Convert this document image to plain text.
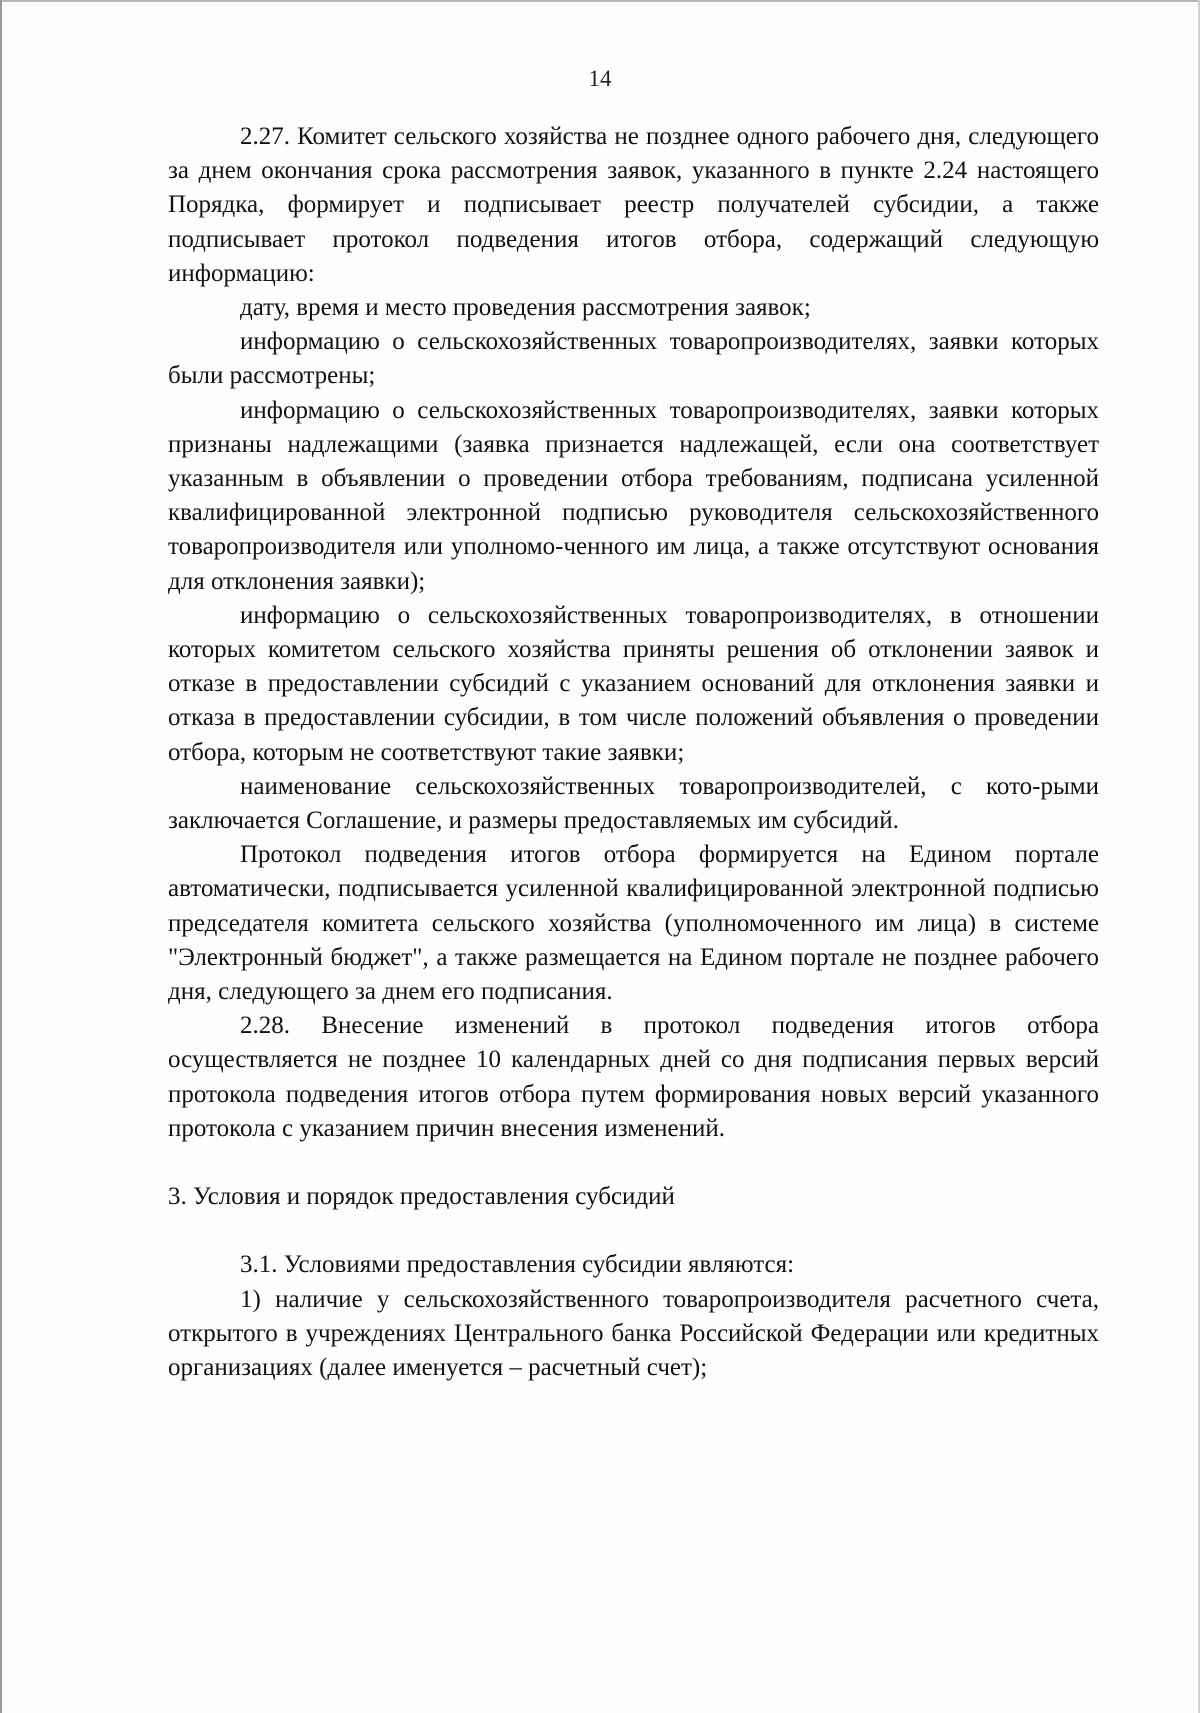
14

2.27. Комитет сельского хозяйства не позднее одного рабочего дня, следующего за днем окончания срока рассмотрения заявок, указанного в пункте 2.24 настоящего Порядка, формирует и подписывает реестр получателей субсидии, а также подписывает протокол подведения итогов отбора, содержащий следующую информацию:

дату, время и место проведения рассмотрения заявок;

информацию о сельскохозяйственных товаропроизводителях, заявки которых были рассмотрены;

информацию о сельскохозяйственных товаропроизводителях, заявки которых признаны надлежащими (заявка признается надлежащей, если она соответствует указанным в объявлении о проведении отбора требованиям, подписана усиленной квалифицированной электронной подписью руководителя сельскохозяйственного товаропроизводителя или уполномо-ченного им лица, а также отсутствуют основания для отклонения заявки);

информацию о сельскохозяйственных товаропроизводителях, в отношении которых комитетом сельского хозяйства приняты решения об отклонении заявок и отказе в предоставлении субсидий с указанием оснований для отклонения заявки и отказа в предоставлении субсидии, в том числе положений объявления о проведении отбора, которым не соответствуют такие заявки;

наименование сельскохозяйственных товаропроизводителей, с кото-рыми заключается Соглашение, и размеры предоставляемых им субсидий.

Протокол подведения итогов отбора формируется на Едином портале автоматически, подписывается усиленной квалифицированной электронной подписью председателя комитета сельского хозяйства (уполномоченного им лица) в системе "Электронный бюджет", а также размещается на Едином портале не позднее рабочего дня, следующего за днем его подписания.

2.28. Внесение изменений в протокол подведения итогов отбора осуществляется не позднее 10 календарных дней со дня подписания первых версий протокола подведения итогов отбора путем формирования новых версий указанного протокола с указанием причин внесения изменений.

3. Условия и порядок предоставления субсидий

3.1. Условиями предоставления субсидии являются:

1) наличие у сельскохозяйственного товаропроизводителя расчетного счета, открытого в учреждениях Центрального банка Российской Федерации или кредитных организациях (далее именуется – расчетный счет);
